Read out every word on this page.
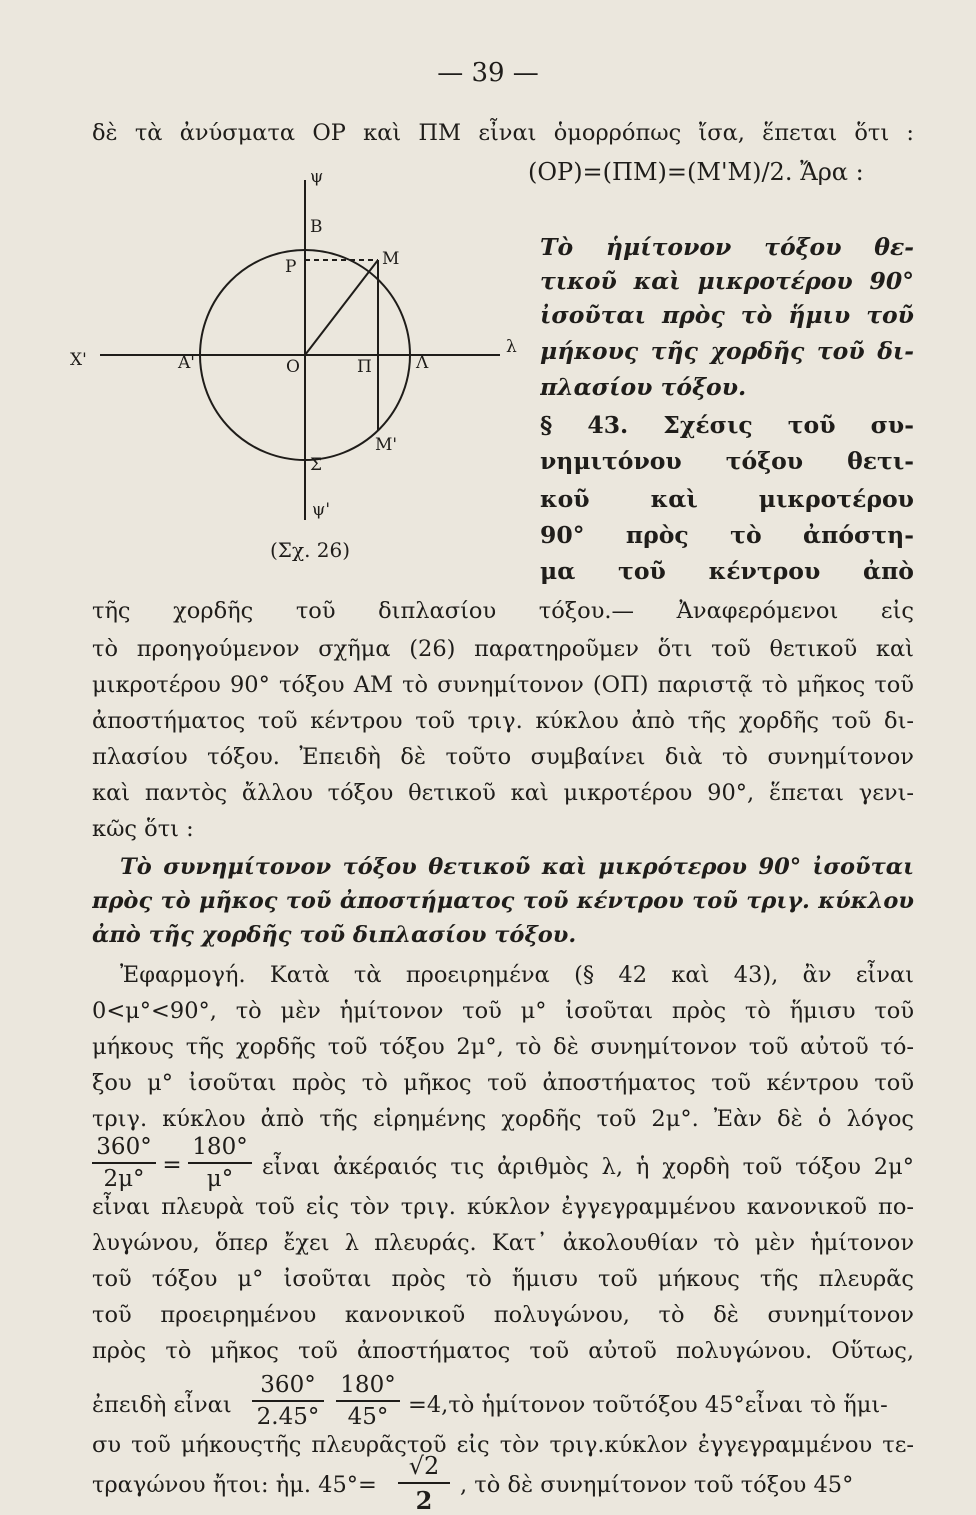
— 39 —
δὲ τὰ ἀνύσματα ΟΡ καὶ ΠΜ εἶναι ὁμορρόπως ἴσα, ἕπεται ὅτι :
ψ
Β
Ρ	Μ
Χ'	Α'	Ο	Π	Λ
λ
Μ'
Σ
ψ'
(Σχ. 26)
(ΟΡ)=(ΠΜ)=(Μ'Μ)/2. Ἄρα :
Τὸ ἡμίτονον τόξου θε-
τικοῦ καὶ μικροτέρου 90°
ἰσοῦται πρὸς τὸ ἥμιυ τοῦ
μήκους τῆς χορδῆς τοῦ δι-
πλασίου τόξου.
§ 43. Σχέσις τοῦ συ-
νημιτόνου τόξου θετι-
κοῦ καὶ μικροτέρου
90° πρὸς τὸ ἀπόστη-
μα τοῦ κέντρου ἀπὸ
τῆς χορδῆς τοῦ διπλασίου τόξου.— Ἀναφερόμενοι εἰς
τὸ προηγούμενον σχῆμα (26) παρατηροῦμεν ὅτι τοῦ θετικοῦ καὶ
μικροτέρου 90° τόξου ΑΜ τὸ συνημίτονον (ΟΠ) παριστᾷ τὸ μῆκος τοῦ
ἀποστήματος τοῦ κέντρου τοῦ τριγ. κύκλου ἀπὸ τῆς χορδῆς τοῦ δι-
πλασίου τόξου. Ἐπειδὴ δὲ τοῦτο συμβαίνει διὰ τὸ συνημίτονον
καὶ παντὸς ἄλλου τόξου θετικοῦ καὶ μικροτέρου 90°, ἕπεται γενι-
κῶς ὅτι :
Τὸ συνημίτονον τόξου θετικοῦ καὶ μικρότερου 90° ἰσοῦται
πρὸς τὸ μῆκος τοῦ ἀποστήματος τοῦ κέντρου τοῦ τριγ. κύκλου
ἀπὸ τῆς χορδῆς τοῦ διπλασίου τόξου.
Ἐφαρμογή. Κατὰ τὰ προειρημένα (§ 42 καὶ 43), ἂν εἶναι
0<μ°<90°, τὸ μὲν ἡμίτονον τοῦ μ° ἰσοῦται πρὸς τὸ ἥμισυ τοῦ
μήκους τῆς χορδῆς τοῦ τόξου 2μ°, τὸ δὲ συνημίτονον τοῦ αὐτοῦ τό-
ξου μ° ἰσοῦται πρὸς τὸ μῆκος τοῦ ἀποστήματος τοῦ κέντρου τοῦ
τριγ. κύκλου ἀπὸ τῆς εἰρημένης χορδῆς τοῦ 2μ°. Ἐὰν δὲ ὁ λόγος
360°
2μ°
=
180°
μ°	εἶναι ἀκέραιός τις ἀριθμὸς λ, ἡ χορδὴ τοῦ τόξου 2μ°
εἶναι πλευρὰ τοῦ εἰς τὸν τριγ. κύκλον ἐγγεγραμμένου κανονικοῦ πο-
λυγώνου, ὅπερ ἔχει λ πλευράς. Κατ᾽ ἀκολουθίαν τὸ μὲν ἡμίτονον
τοῦ τόξου μ° ἰσοῦται πρὸς τὸ ἥμισυ τοῦ μήκους τῆς πλευρᾶς
τοῦ προειρημένου κανονικοῦ πολυγώνου, τὸ δὲ συνημίτονον
πρὸς τὸ μῆκος τοῦ ἀποστήματος τοῦ αὐτοῦ πολυγώνου. Οὕτως,
ἐπειδὴ εἶναι
360°
2.45°
180°
45° =4,τὸ ἡμίτονον τοῦτόξου 45°εἶναι τὸ ἥμι-
συ τοῦ μήκουςτῆς πλευρᾶςτοῦ εἰς τὸν τριγ.κύκλον ἐγγεγραμμένου τε-
τραγώνου ἤτοι: ἡμ. 45°=
√2
2
, τὸ δὲ συνημίτονον τοῦ τόξου 45°
